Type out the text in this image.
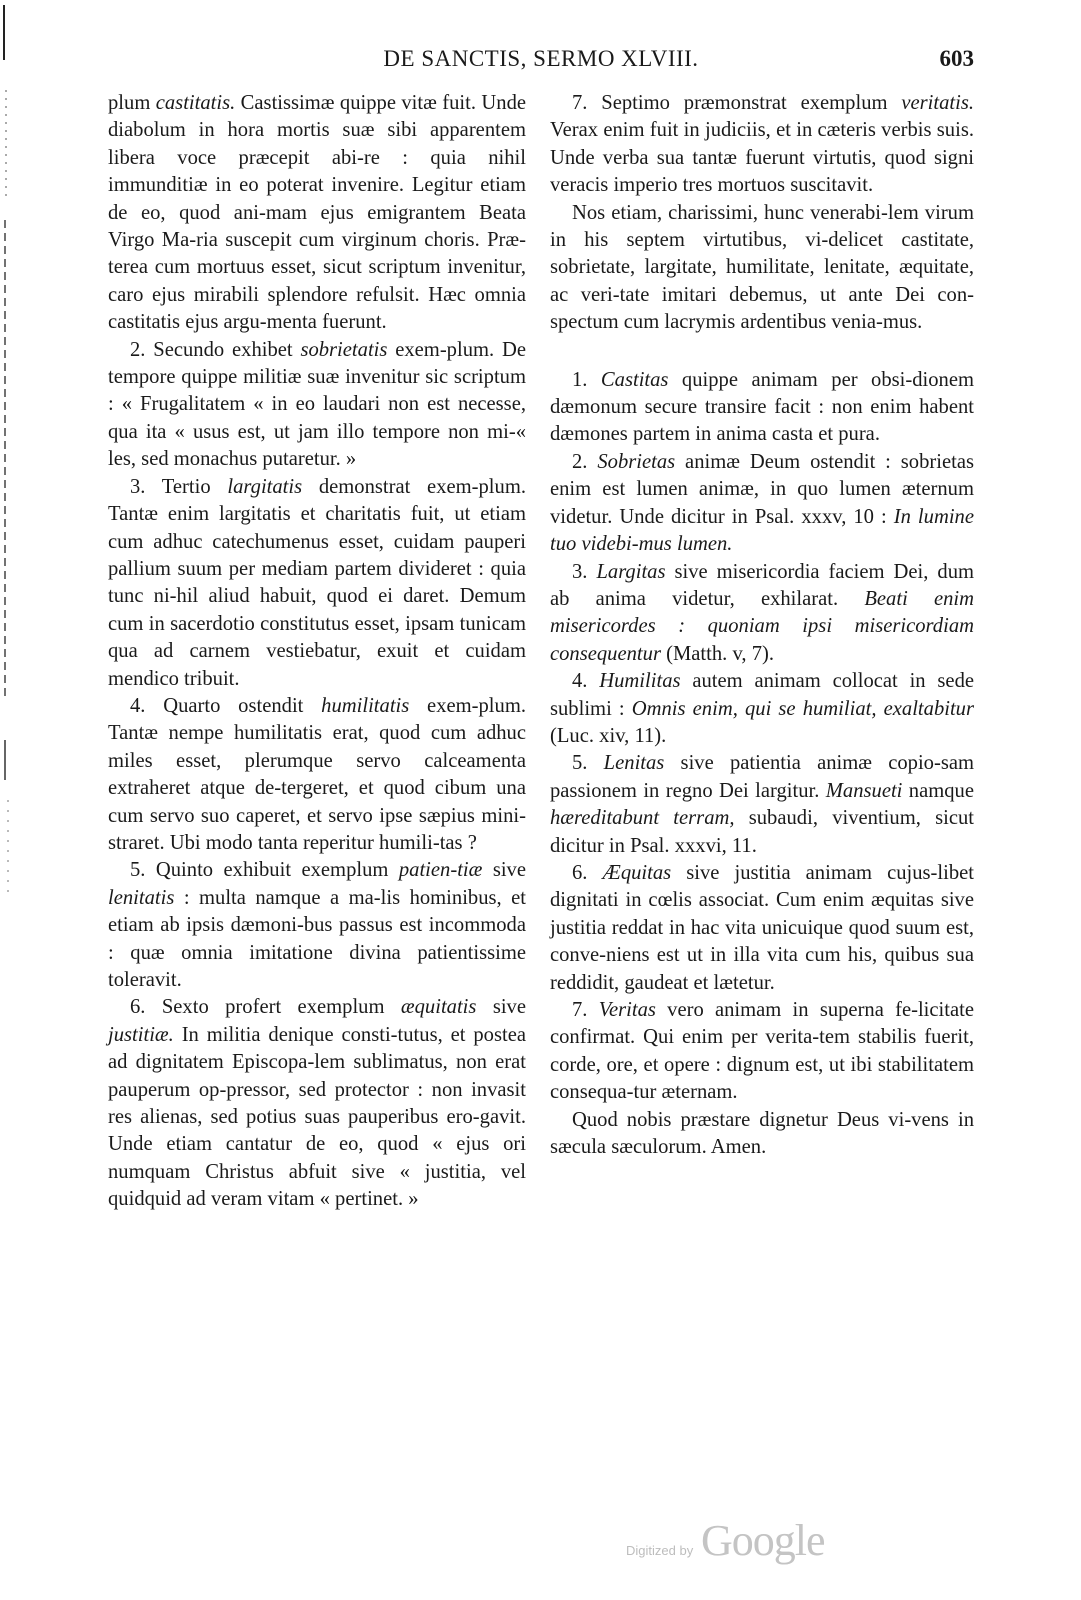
DE SANCTIS, SERMO XLVIII.	603

plum castitatis. Castissimæ quippe vitæ fuit. Unde diabolum in hora mortis suæ sibi apparentem libera voce præcepit abi-re : quia nihil immunditiæ in eo poterat invenire. Legitur etiam de eo, quod ani-mam ejus emigrantem Beata Virgo Ma-ria suscepit cum virginum choris. Præ-terea cum mortuus esset, sicut scriptum invenitur, caro ejus mirabili splendore refulsit. Hæc omnia castitatis ejus argu-menta fuerunt.

2. Secundo exhibet sobrietatis exem-plum. De tempore quippe militiæ suæ invenitur sic scriptum : « Frugalitatem « in eo laudari non est necesse, qua ita « usus est, ut jam illo tempore non mi-« les, sed monachus putaretur. »

3. Tertio largitatis demonstrat exem-plum. Tantæ enim largitatis et charitatis fuit, ut etiam cum adhuc catechumenus esset, cuidam pauperi pallium suum per mediam partem divideret : quia tunc ni-hil aliud habuit, quod ei daret. Demum cum in sacerdotio constitutus esset, ipsam tunicam qua ad carnem vestiebatur, exuit et cuidam mendico tribuit.

4. Quarto ostendit humilitatis exem-plum. Tantæ nempe humilitatis erat, quod cum adhuc miles esset, plerumque servo calceamenta extraheret atque de-tergeret, et quod cibum una cum servo suo caperet, et servo ipse sæpius mini-straret. Ubi modo tanta reperitur humili-tas ?

5. Quinto exhibuit exemplum patien-tiæ sive lenitatis : multa namque a ma-lis hominibus, et etiam ab ipsis dæmoni-bus passus est incommoda : quæ omnia imitatione divina patientissime toleravit.

6. Sexto profert exemplum æquitatis sive justitiæ. In militia denique consti-tutus, et postea ad dignitatem Episcopa-lem sublimatus, non erat pauperum op-pressor, sed protector : non invasit res alienas, sed potius suas pauperibus ero-gavit. Unde etiam cantatur de eo, quod « ejus ori numquam Christus abfuit sive « justitia, vel quidquid ad veram vitam « pertinet. »

7. Septimo præmonstrat exemplum veritatis. Verax enim fuit in judiciis, et in cæteris verbis suis. Unde verba sua tantæ fuerunt virtutis, quod signi veracis imperio tres mortuos suscitavit.

Nos etiam, charissimi, hunc venerabi-lem virum in his septem virtutibus, vi-delicet castitate, sobrietate, largitate, humilitate, lenitate, æquitate, ac veri-tate imitari debemus, ut ante Dei con-spectum cum lacrymis ardentibus venia-mus.

1. Castitas quippe animam per obsi-dionem dæmonum secure transire facit : non enim habent dæmones partem in anima casta et pura.

2. Sobrietas animæ Deum ostendit : sobrietas enim est lumen animæ, in quo lumen æternum videtur. Unde dicitur in Psal. xxxv, 10 : In lumine tuo videbi-mus lumen.

3. Largitas sive misericordia faciem Dei, dum ab anima videtur, exhilarat. Beati enim misericordes : quoniam ipsi misericordiam consequentur (Matth. v, 7).

4. Humilitas autem animam collocat in sede sublimi : Omnis enim, qui se humiliat, exaltabitur (Luc. xiv, 11).

5. Lenitas sive patientia animæ copio-sam passionem in regno Dei largitur. Mansueti namque hæreditabunt terram, subaudi, viventium, sicut dicitur in Psal. xxxvi, 11.

6. Æquitas sive justitia animam cujus-libet dignitati in cœlis associat. Cum enim æquitas sive justitia reddat in hac vita unicuique quod suum est, conve-niens est ut in illa vita cum his, quibus sua reddidit, gaudeat et lætetur.

7. Veritas vero animam in superna fe-licitate confirmat. Qui enim per verita-tem stabilis fuerit, corde, ore, et opere : dignum est, ut ibi stabilitatem consequa-tur æternam.

Quod nobis præstare dignetur Deus vi-vens in sæcula sæculorum. Amen.

Digitized by Google
